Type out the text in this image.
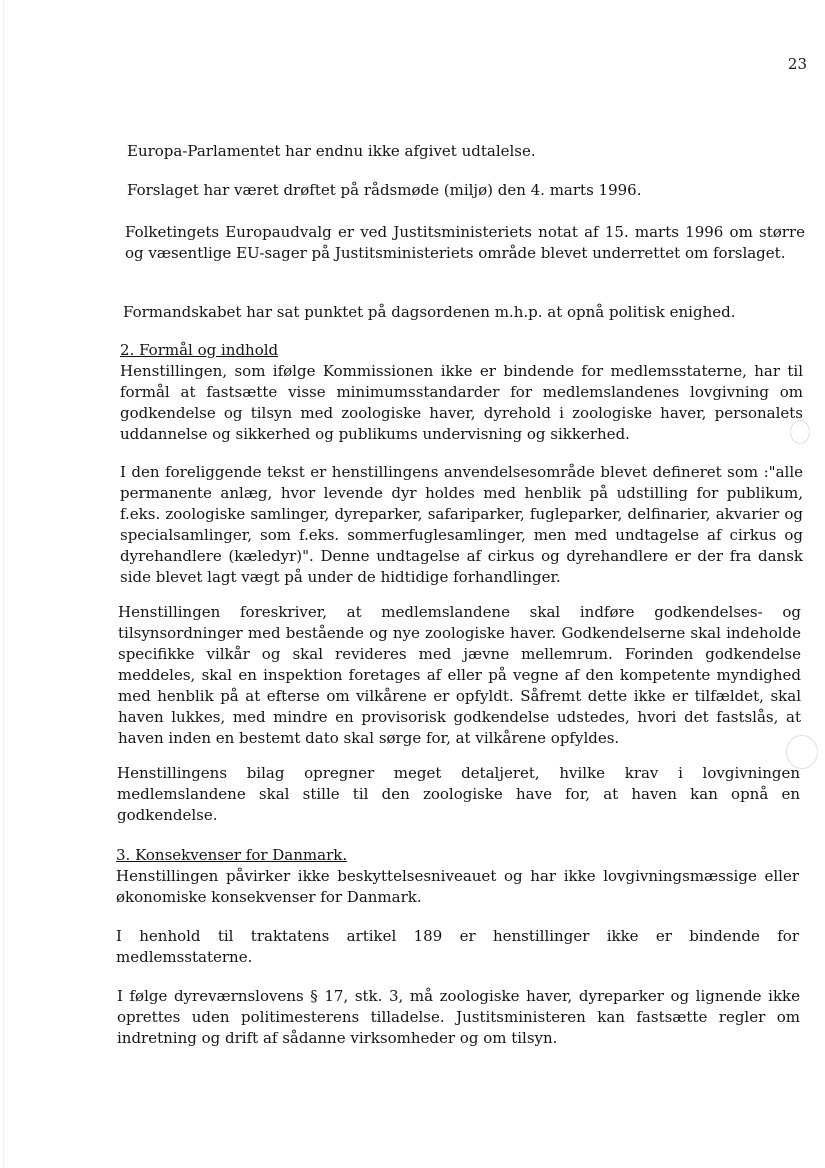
23

Europa-Parlamentet har endnu ikke afgivet udtalelse.

Forslaget har været drøftet på rådsmøde (miljø) den 4. marts 1996.

Folketingets Europaudvalg er ved Justitsministeriets notat af 15. marts 1996 om større og væsentlige EU-sager på Justitsministeriets område blevet underrettet om forslaget.

Formandskabet har sat punktet på dagsordenen m.h.p. at opnå politisk enighed.

2. Formål og indhold
Henstillingen, som ifølge Kommissionen ikke er bindende for medlemsstaterne, har til formål at fastsætte visse minimumsstandarder for medlemslandenes lovgivning om godkendelse og tilsyn med zoologiske haver, dyrehold i zoologiske haver, personalets uddannelse og sikkerhed og publikums undervisning og sikkerhed.

I den foreliggende tekst er henstillingens anvendelsesområde blevet defineret som :"alle permanente anlæg, hvor levende dyr holdes med henblik på udstilling for publikum, f.eks. zoologiske samlinger, dyreparker, safariparker, fugleparker, delfinarier, akvarier og specialsamlinger, som f.eks. sommerfuglesamlinger, men med undtagelse af cirkus og dyrehandlere (kæledyr)". Denne undtagelse af cirkus og dyrehandlere er der fra dansk side blevet lagt vægt på under de hidtidige forhandlinger.

Henstillingen foreskriver, at medlemslandene skal indføre godkendelses- og tilsynsordninger med bestående og nye zoologiske haver. Godkendelserne skal indeholde specifikke vilkår og skal revideres med jævne mellemrum. Forinden godkendelse meddeles, skal en inspektion foretages af eller på vegne af den kompetente myndighed med henblik på at efterse om vilkårene er opfyldt. Såfremt dette ikke er tilfældet, skal haven lukkes, med mindre en provisorisk godkendelse udstedes, hvori det fastslås, at haven inden en bestemt dato skal sørge for, at vilkårene opfyldes.

Henstillingens bilag opregner meget detaljeret, hvilke krav i lovgivningen medlemslandene skal stille til den zoologiske have for, at haven kan opnå en godkendelse.

3. Konsekvenser for Danmark.
Henstillingen påvirker ikke beskyttelsesniveauet og har ikke lovgivningsmæssige eller økonomiske konsekvenser for Danmark.

I henhold til traktatens artikel 189 er henstillinger ikke er bindende for medlemsstaterne.

I følge dyreværnslovens § 17, stk. 3, må zoologiske haver, dyreparker og lignende ikke oprettes uden politimesterens tilladelse. Justitsministeren kan fastsætte regler om indretning og drift af sådanne virksomheder og om tilsyn.
